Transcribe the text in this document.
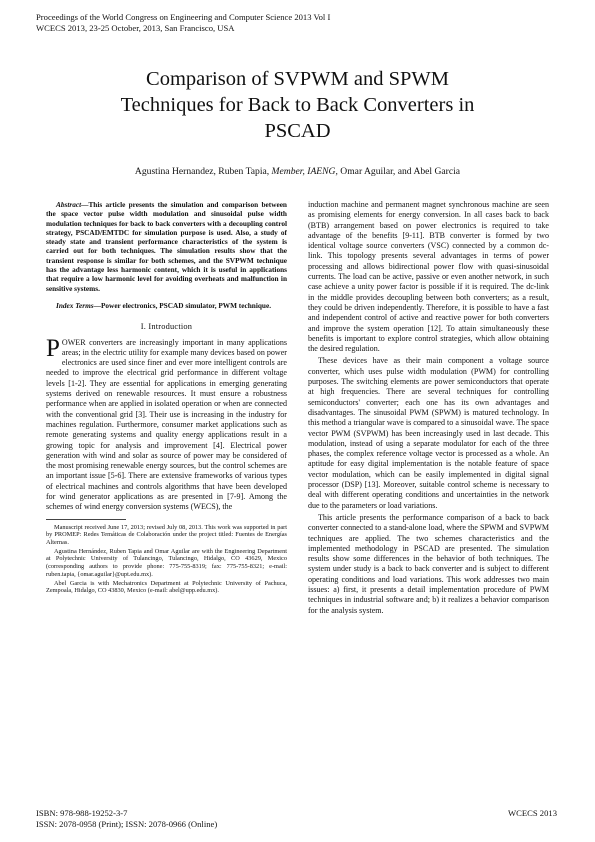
Proceedings of the World Congress on Engineering and Computer Science 2013 Vol I
WCECS 2013, 23-25 October, 2013, San Francisco, USA
Comparison of SVPWM and SPWM
Techniques for Back to Back Converters in
PSCAD
Agustina Hernandez, Ruben Tapia, Member, IAENG, Omar Aguilar, and Abel Garcia

Abstract—This article presents the simulation and comparison between the space vector pulse width modulation and sinusoidal pulse width modulation techniques for back to back converters with a decoupling control strategy, PSCAD/EMTDC for simulation purpose is used. Also, a study of steady state and transient performance characteristics of the system is carried out for both techniques. The simulation results show that the transient response is similar for both schemes, and the SVPWM technique has the advantage less harmonic content, which it is useful in applications that require a low harmonic level for avoiding overheats and malfunction in sensitive systems.

Index Terms—Power electronics, PSCAD simulator, PWM technique.

I. Introduction

POWER converters are increasingly important in many applications areas; in the electric utility for example many devices based on power electronics are used since finer and ever more intelligent controls are needed to improve the electrical grid performance in different voltage levels [1-2]. They are essential for applications in emerging generating systems derived on renewable resources. It must ensure a robustness performance when are applied in isolated operation or when are connected with the conventional grid [3]. Their use is increasing in the industry for machines regulation. Furthermore, consumer market applications such as remote generating systems and quality energy applications result in a growing topic for analysis and improvement [4]. Electrical power generation with wind and solar as source of power may be considered of the most promising renewable energy sources, but the control schemes are an important issue [5-6]. There are extensive frameworks of various types of electrical machines and controls algorithms that have been developed for wind generator applications as are presented in [7-9]. Among the schemes of wind energy conversion systems (WECS), the

Manuscript received June 17, 2013; revised July 08, 2013. This work was supported in part by PROMEP: Redes Temáticas de Colaboración under the project titled: Fuentes de Energías Alternas.

Agustina Hernández, Ruben Tapia and Omar Aguilar are with the Engineering Department at Polytechnic University of Tulancingo, Tulancingo, Hidalgo, CO 43629, Mexico (corresponding authors to provide phone: 775-755-8319; fax: 775-755-8321; e-mail: ruben.tapia, {omar.aguilar}@upt.edu.mx).

Abel Garcia is with Mechatronics Department at Polytechnic University of Pachuca, Zempoala, Hidalgo, CO 43830, Mexico (e-mail: abel@upp.edu.mx).

induction machine and permanent magnet synchronous machine are seen as promising elements for energy conversion. In all cases back to back (BTB) arrangement based on power electronics is required to take advantage of the benefits [9-11]. BTB converter is formed by two identical voltage source converters (VSC) connected by a common dc-link. This topology presents several advantages in terms of power processing and allows bidirectional power flow with quasi-sinusoidal currents. The load can be active, passive or even another network, in such case achieve a unity power factor is possible if it is required. The dc-link in the middle provides decoupling between both converters; as a result, they could be driven independently. Therefore, it is possible to have a fast and independent control of active and reactive power for both converters and improve the system operation [12]. To attain simultaneously these benefits is important to explore control strategies, which allow obtaining the desired regulation.

These devices have as their main component a voltage source converter, which uses pulse width modulation (PWM) for controlling purposes. The switching elements are power semiconductors that operate at high frequencies. There are several techniques for controlling semiconductors' converter; each one has its own advantages and disadvantages. The sinusoidal PWM (SPWM) is matured technology. In this method a triangular wave is compared to a sinusoidal wave. The space vector PWM (SVPWM) has been increasingly used in last decade. This modulation, instead of using a separate modulator for each of the three phases, the complex reference voltage vector is processed as a whole. An aptitude for easy digital implementation is the notable feature of space vector modulation, which can be easily implemented in digital signal processor (DSP) [13]. Moreover, suitable control scheme is necessary to deal with different operating conditions and uncertainties in the network due to the parameters or load variations.

This article presents the performance comparison of a back to back converter connected to a stand-alone load, where the SPWM and SVPWM techniques are applied. The two schemes characteristics and the implemented methodology in PSCAD are presented. The simulation results show some differences in the behavior of both techniques. The system under study is a back to back converter and is subject to different operating conditions and load variations. This work addresses two main issues: a) first, it presents a detail implementation procedure of PWM techniques in industrial software and; b) it realizes a behavior comparison for the analysis system.

ISBN: 978-988-19252-3-7
ISSN: 2078-0958 (Print); ISSN: 2078-0966 (Online)
WCECS 2013
